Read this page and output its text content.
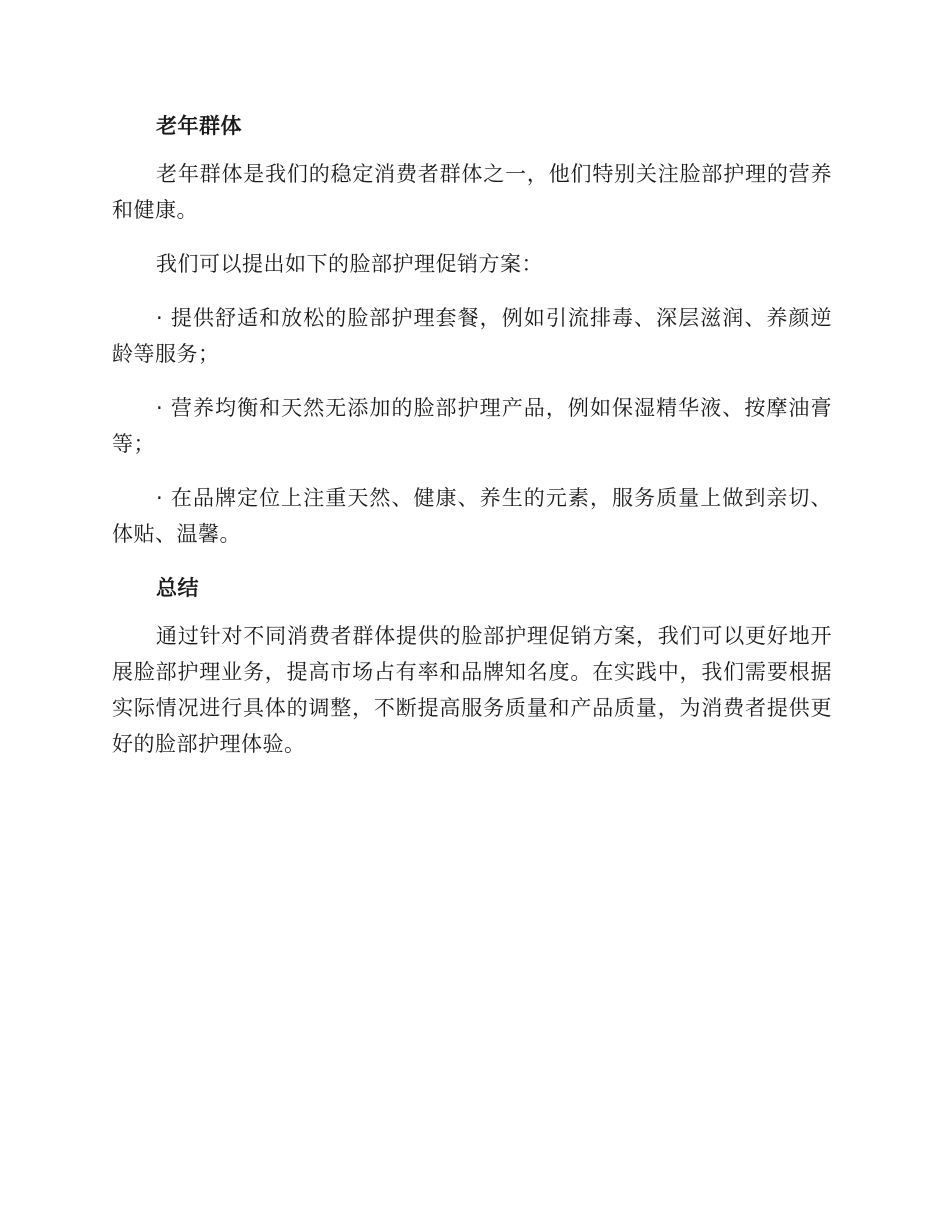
老年群体

老年群体是我们的稳定消费者群体之一，他们特别关注脸部护理的营养和健康。

我们可以提出如下的脸部护理促销方案：

· 提供舒适和放松的脸部护理套餐，例如引流排毒、深层滋润、养颜逆龄等服务；

· 营养均衡和天然无添加的脸部护理产品，例如保湿精华液、按摩油膏等；

· 在品牌定位上注重天然、健康、养生的元素，服务质量上做到亲切、体贴、温馨。

总结

通过针对不同消费者群体提供的脸部护理促销方案，我们可以更好地开展脸部护理业务，提高市场占有率和品牌知名度。在实践中，我们需要根据实际情况进行具体的调整，不断提高服务质量和产品质量，为消费者提供更好的脸部护理体验。
